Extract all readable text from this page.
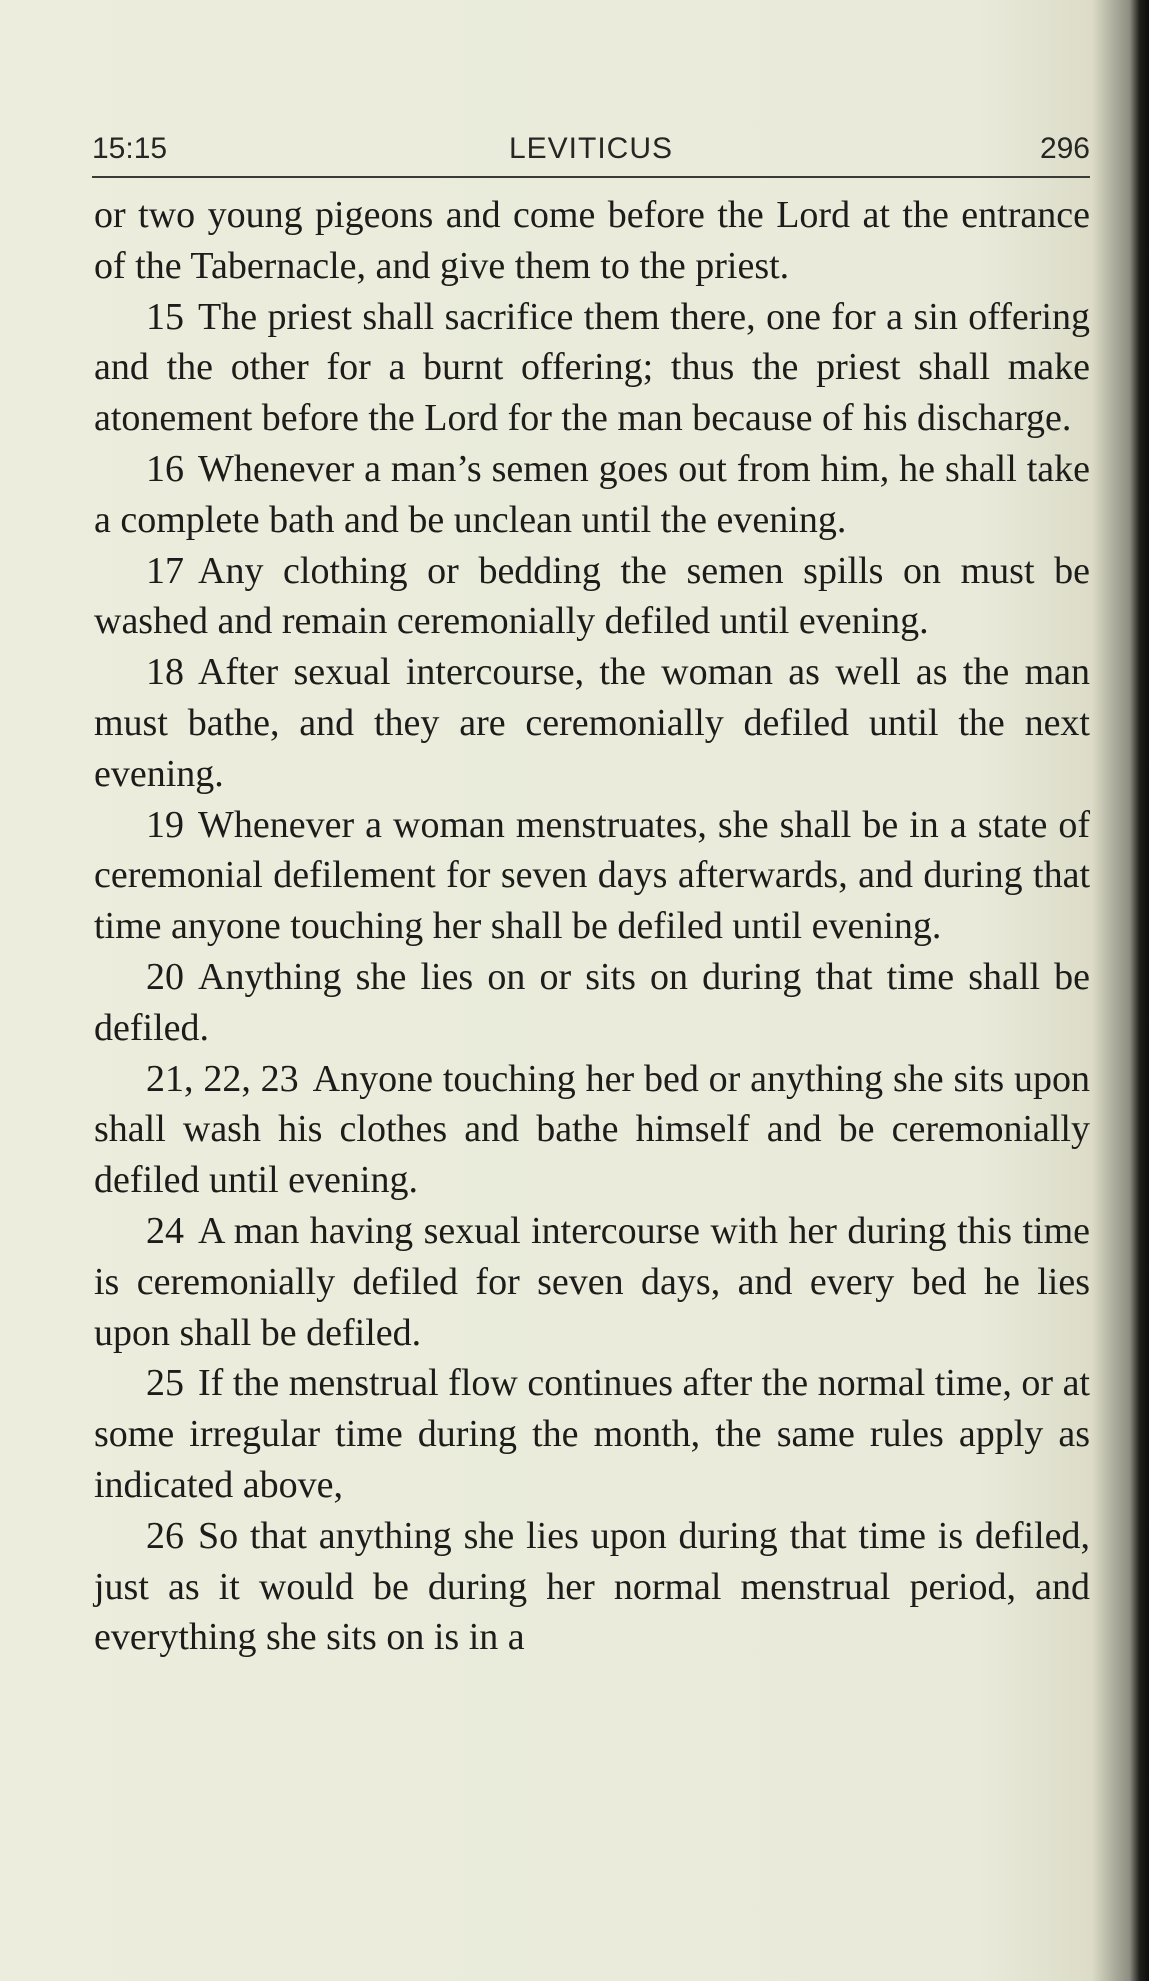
15:15	LEVITICUS	296

or two young pigeons and come before the Lord at the entrance of the Tabernacle, and give them to the priest.

15 The priest shall sacrifice them there, one for a sin offering and the other for a burnt offering; thus the priest shall make atonement before the Lord for the man because of his discharge.

16 Whenever a man’s semen goes out from him, he shall take a complete bath and be unclean until the evening.

17 Any clothing or bedding the semen spills on must be washed and remain ceremonially defiled until evening.

18 After sexual intercourse, the woman as well as the man must bathe, and they are ceremonially defiled until the next evening.

19 Whenever a woman menstruates, she shall be in a state of ceremonial defilement for seven days afterwards, and during that time anyone touching her shall be defiled until evening.

20 Anything she lies on or sits on during that time shall be defiled.

21, 22, 23 Anyone touching her bed or anything she sits upon shall wash his clothes and bathe himself and be ceremonially defiled until evening.

24 A man having sexual intercourse with her during this time is ceremonially defiled for seven days, and every bed he lies upon shall be defiled.

25 If the menstrual flow continues after the normal time, or at some irregular time during the month, the same rules apply as indicated above,

26 So that anything she lies upon during that time is defiled, just as it would be during her normal menstrual period, and everything she sits on is in a
